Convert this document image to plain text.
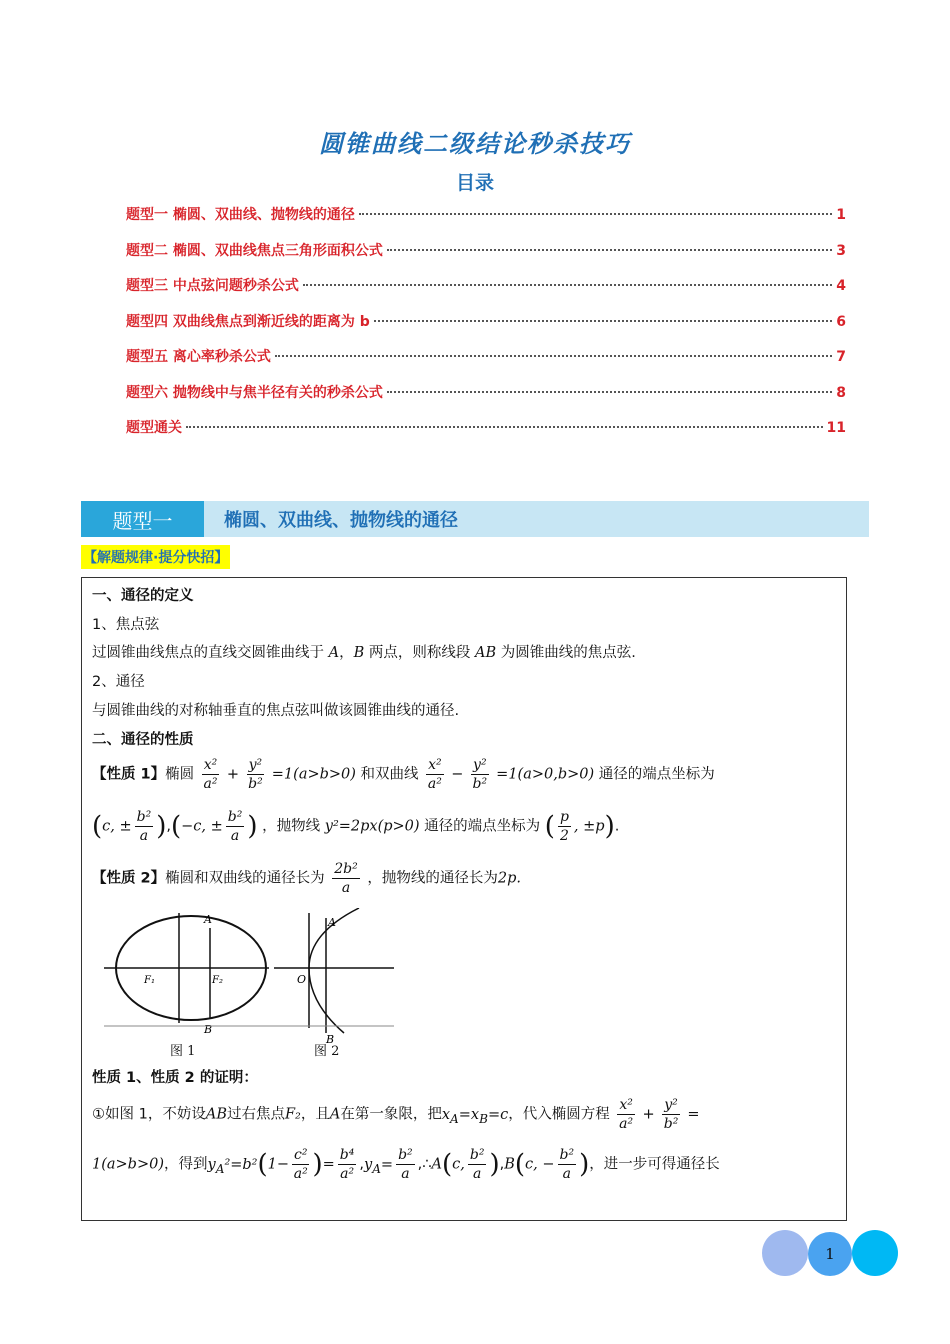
圆锥曲线二级结论秒杀技巧
目录
题型一 椭圆、双曲线、抛物线的通径	1
题型二 椭圆、双曲线焦点三角形面积公式	3
题型三 中点弦问题秒杀公式	4
题型四 双曲线焦点到渐近线的距离为 b	6
题型五 离心率秒杀公式	7
题型六 抛物线中与焦半径有关的秒杀公式	8
题型通关	11
题型一	椭圆、双曲线、抛物线的通径
【解题规律·提分快招】
一、通径的定义
1、焦点弦
过圆锥曲线焦点的直线交圆锥曲线于 A，B 两点，则称线段 AB 为圆锥曲线的焦点弦.
2、通径
与圆锥曲线的对称轴垂直的焦点弦叫做该圆锥曲线的通径.
二、通径的性质
【性质 1】椭圆 $\frac{\text{x²}}{\text{a²}} + \frac{\text{y²}}{\text{b²}} =1(a>b>0)$ 和双曲线 $\frac{\text{x²}}{\text{a²}} - \frac{\text{y²}}{\text{b²}} =1(a>0,b>0)$ 通径的端点坐标为
(c, ± $\frac{\text{b²}}{a} ),(-c$, ± $\frac{\text{b²}}{a}$ ) ，抛物线 y²=2px(p>0) 通径的端点坐标为 ( $\frac{p}{2}$ , ±p).
【性质 2】椭圆和双曲线的通径长为 $\frac{\text{2b²}}{a}$ ，抛物线的通径长为2p.
A
B
F₁	F₂
A
B
O
图 1	图 2
性质 1、性质 2 的证明：
①如图 1，不妨设AB过右焦点F₂，且A在第一象限，把$x_A=x_B=c$，代入椭圆方程 $\frac{\text{x²}}{\text{a²}} + \frac{\text{y²}}{\text{b²}}$ =
1(a>b>0)，得到$y_A^2=b^2(1- \frac{\text{c²}}{\text{a²}}$ )= $\frac{\text{b⁴}}{\text{a²}} ,y_A= \frac{\text{b²}}{a}$ ,∴A(c, $\frac{\text{b²}}{a} ),B(c$, − $\frac{\text{b²}}{a}$ )，进一步可得通径长
1
